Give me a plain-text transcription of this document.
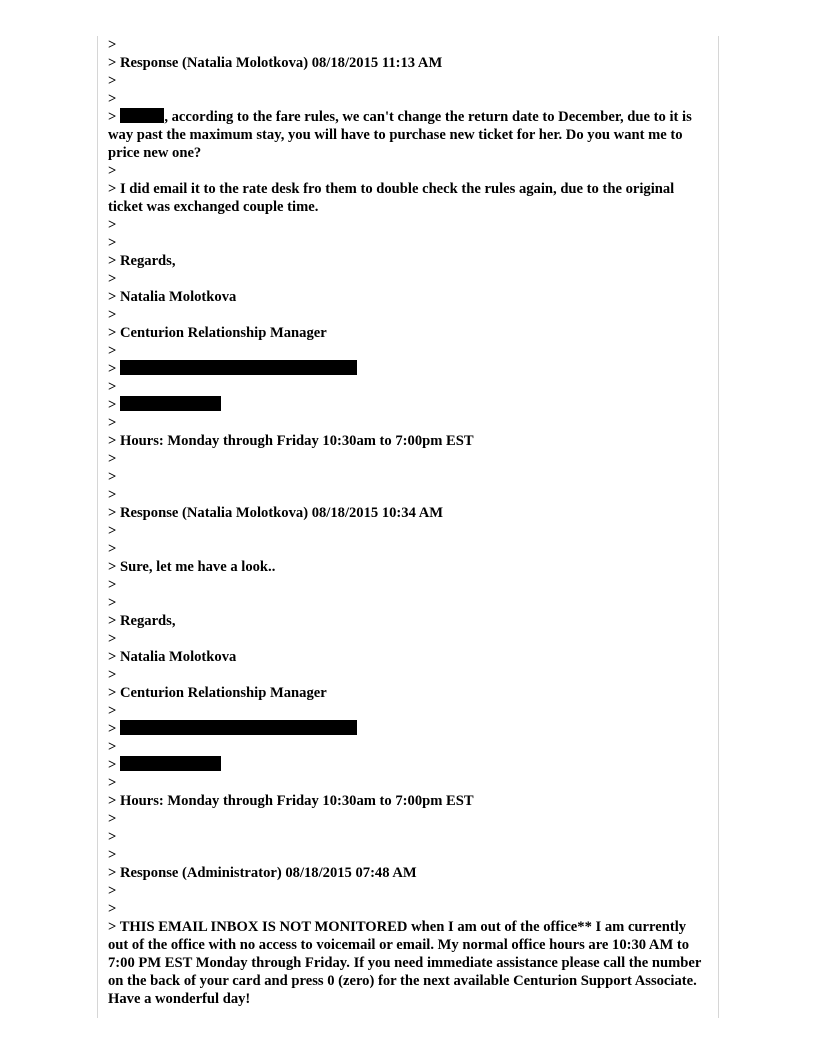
>
> Response (Natalia Molotkova) 08/18/2015 11:13 AM
>
>
>	, according to the fare rules, we can't change the return date to December, due to it is way past the maximum stay, you will have to purchase new ticket for her. Do you want me to price new one?
>
> I did email it to the rate desk fro them to double check the rules again, due to the original ticket was exchanged couple time.
>
>
> Regards,
>
> Natalia Molotkova
>
> Centurion Relationship Manager
>
>
>
>
>
> Hours: Monday through Friday 10:30am to 7:00pm EST
>
>
>
> Response (Natalia Molotkova) 08/18/2015 10:34 AM
>
>
> Sure, let me have a look..
>
>
> Regards,
>
> Natalia Molotkova
>
> Centurion Relationship Manager
>
>
>
>
>
> Hours: Monday through Friday 10:30am to 7:00pm EST
>
>
>
> Response (Administrator) 08/18/2015 07:48 AM
>
>
> THIS EMAIL INBOX IS NOT MONITORED when I am out of the office** I am currently out of the office with no access to voicemail or email. My normal office hours are 10:30 AM to 7:00 PM EST Monday through Friday. If you need immediate assistance please call the number on the back of your card and press 0 (zero) for the next available Centurion Support Associate. Have a wonderful day!
